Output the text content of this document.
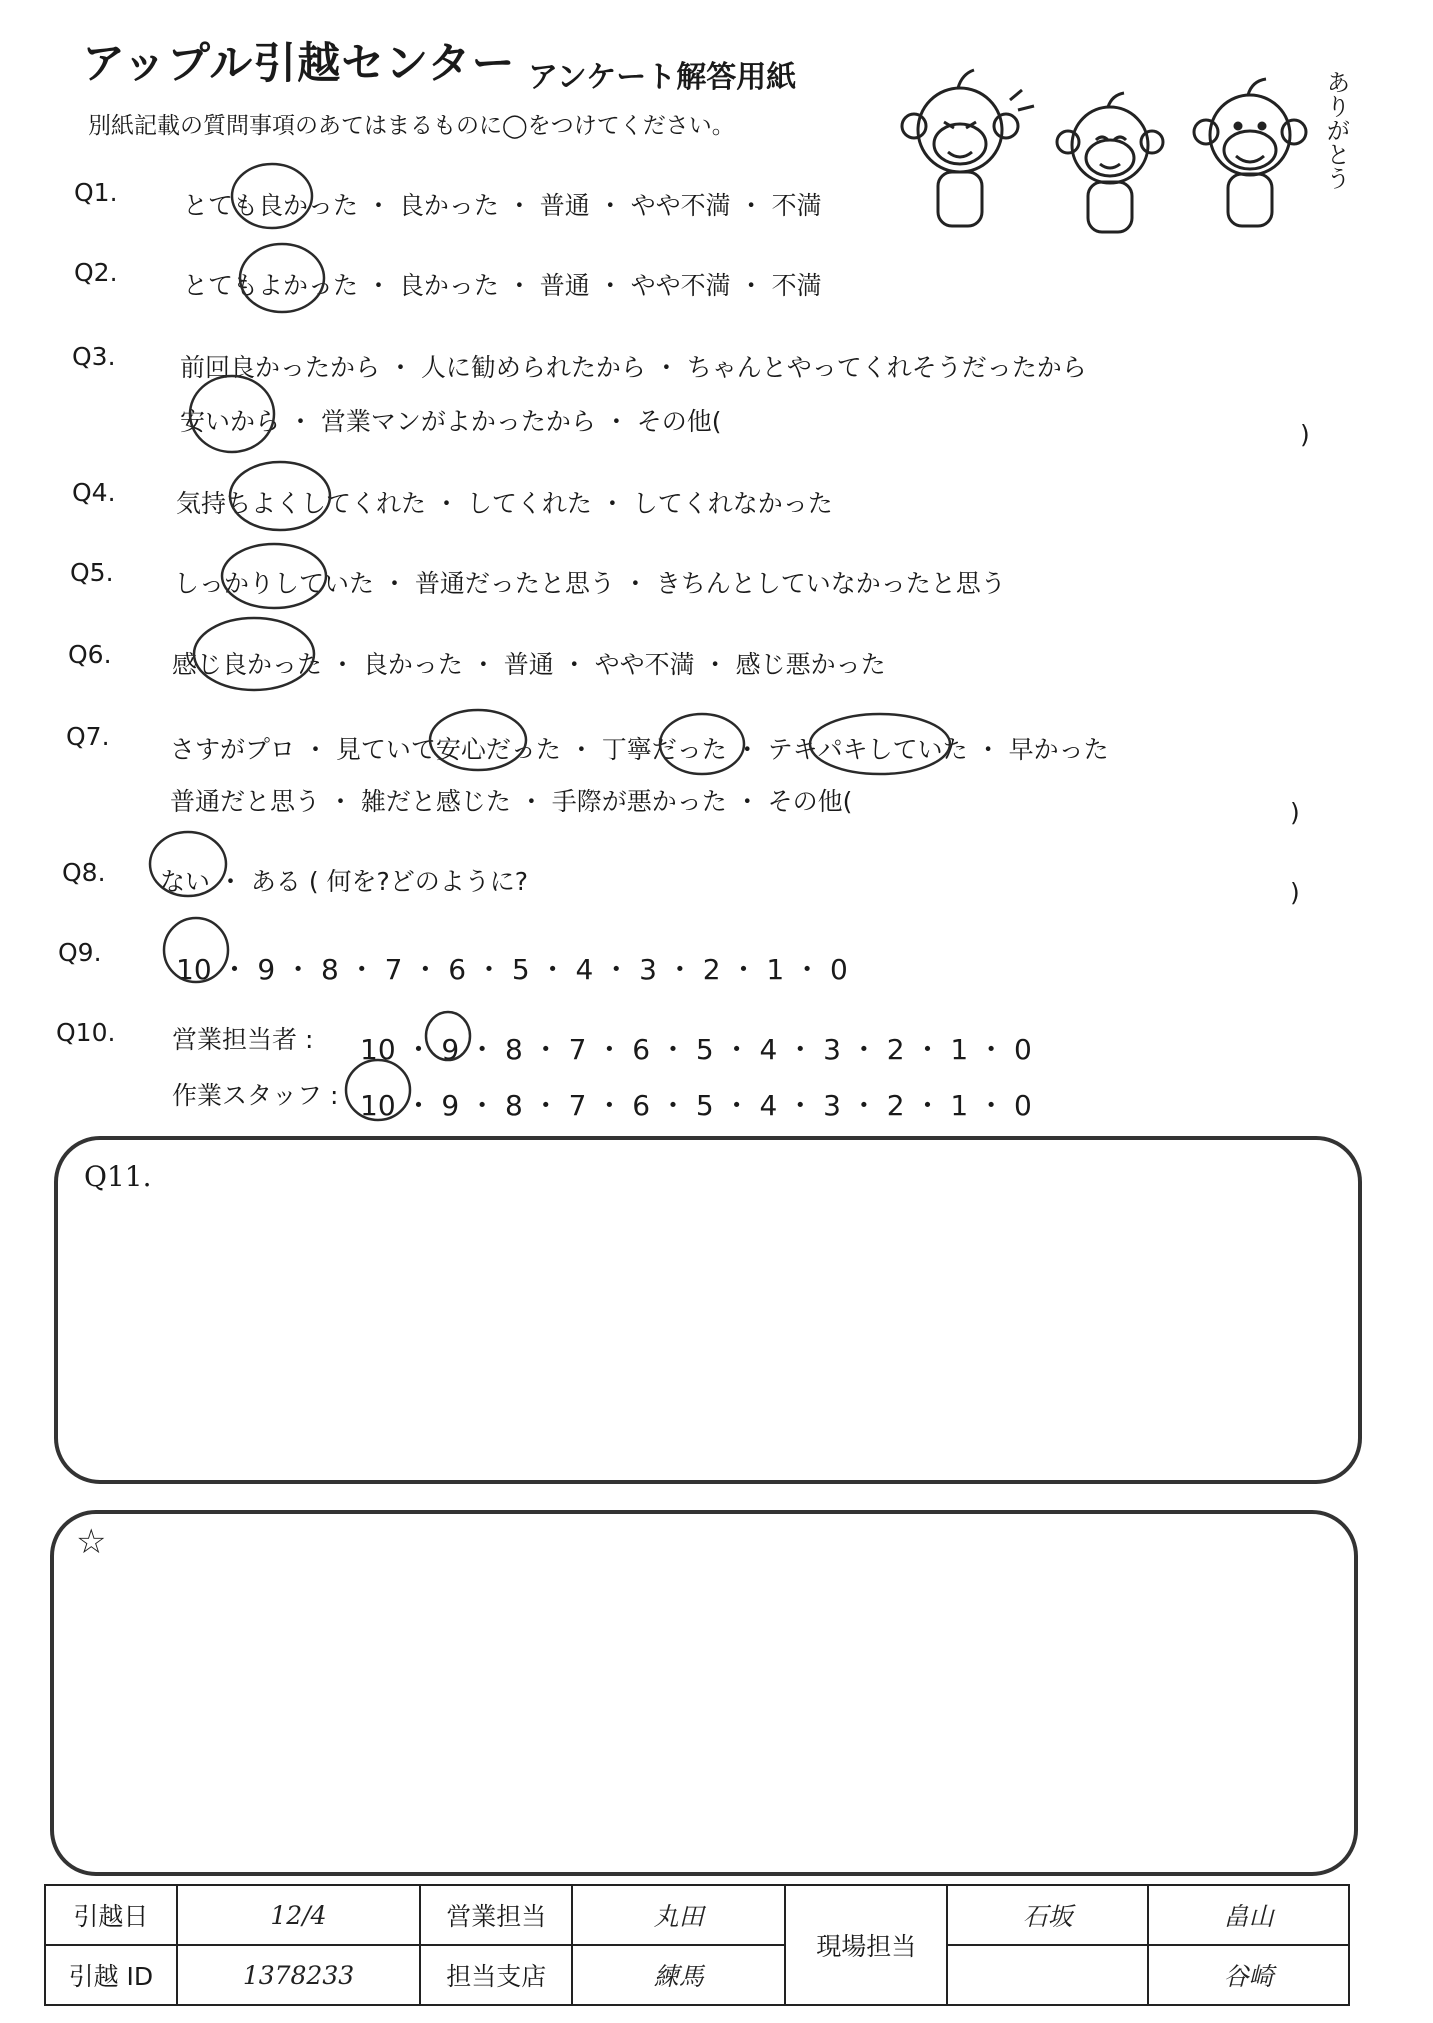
アップル引越センター アンケート解答用紙
別紙記載の質問事項のあてはまるものに◯をつけてください。	ありがとう
Q1.	とても良かった ・ 良かった ・ 普通 ・ やや不満 ・ 不満
Q2.	とてもよかった ・ 良かった ・ 普通 ・ やや不満 ・ 不満
Q3.	前回良かったから ・ 人に勧められたから ・ ちゃんとやってくれそうだったから
安いから ・ 営業マンがよかったから ・ その他(	)
Q4. 気持ちよくしてくれた ・ してくれた ・ してくれなかった
Q5. しっかりしていた ・ 普通だったと思う ・ きちんとしていなかったと思う
Q6. 感じ良かった ・ 良かった ・ 普通 ・ やや不満 ・ 感じ悪かった
Q7. さすがプロ ・ 見ていて安心だった ・ 丁寧だった ・ テキパキしていた ・ 早かった
普通だと思う ・ 雑だと感じた ・ 手際が悪かった ・ その他(	)
Q8. ない ・ ある ( 何を?どのように?	)
Q9.
10 ・ 9 ・ 8 ・ 7 ・ 6 ・ 5 ・ 4 ・ 3 ・ 2 ・ 1 ・ 0
Q10. 営業担当者 : 10 ・ 9 ・ 8 ・ 7 ・ 6 ・ 5 ・ 4 ・ 3 ・ 2 ・ 1 ・ 0
作業スタッフ : 10 ・ 9 ・ 8 ・ 7 ・ 6 ・ 5 ・ 4 ・ 3 ・ 2 ・ 1 ・ 0
Q11.
☆
引越日	12/4	営業担当	丸田	現場担当	石坂	畠山
引越 ID	1378233	担当支店	練馬			谷崎
